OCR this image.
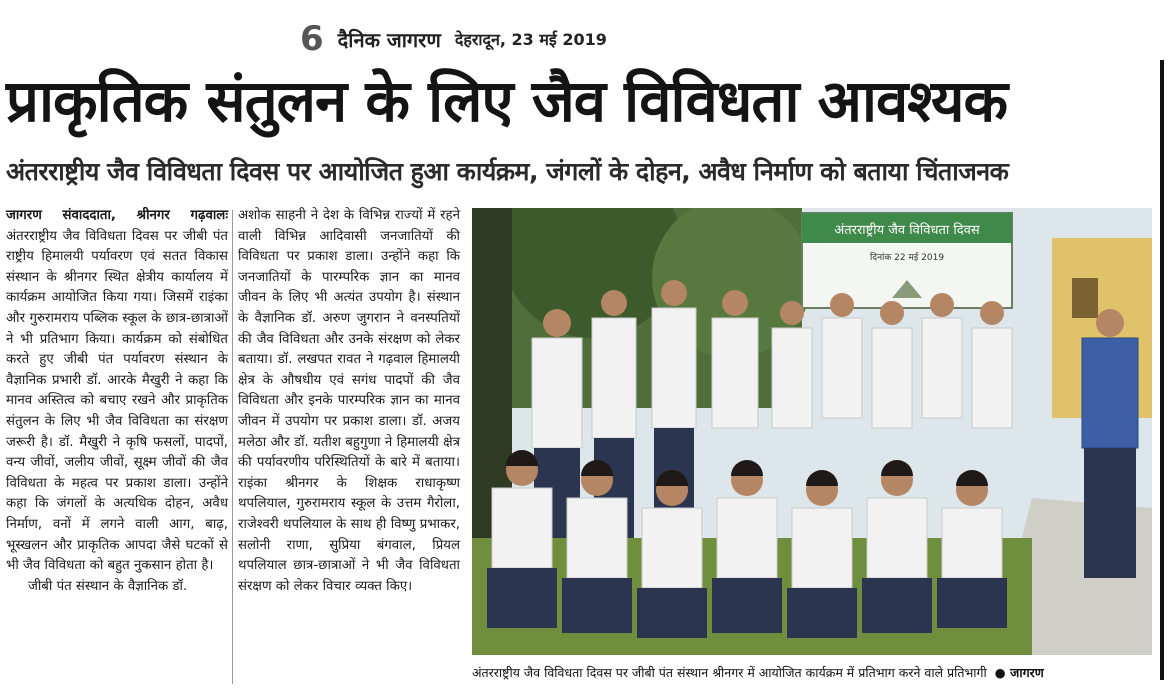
6 दैनिक जागरण देहरादून, 23 मई 2019
प्राकृतिक संतुलन के लिए जैव विविधता आवश्यक
अंतरराष्ट्रीय जैव विविधता दिवस पर आयोजित हुआ कार्यक्रम, जंगलों के दोहन, अवैध निर्माण को बताया चिंताजनक

जागरण संवाददाता, श्रीनगर गढ़वालः अंतरराष्ट्रीय जैव विविधता दिवस पर जीबी पंत राष्ट्रीय हिमालयी पर्यावरण एवं सतत विकास संस्थान के श्रीनगर स्थित क्षेत्रीय कार्यालय में कार्यक्रम आयोजित किया गया। जिसमें राइंका और गुरुरामराय पब्लिक स्कूल के छात्र-छात्राओं ने भी प्रतिभाग किया। कार्यक्रम को संबोधित करते हुए जीबी पंत पर्यावरण संस्थान के वैज्ञानिक प्रभारी डॉ. आरके मैखुरी ने कहा कि मानव अस्तित्व को बचाए रखने और प्राकृतिक संतुलन के लिए भी जैव विविधता का संरक्षण जरूरी है। डॉ. मैखुरी ने कृषि फसलों, पादपों, वन्य जीवों, जलीय जीवों, सूक्ष्म जीवों की जैव विविधता के महत्व पर प्रकाश डाला। उन्होंने कहा कि जंगलों के अत्यधिक दोहन, अवैध निर्माण, वनों में लगने वाली आग, बाढ़, भूस्खलन और प्राकृतिक आपदा जैसे घटकों से भी जैव विविधता को बहुत नुकसान होता है।

जीबी पंत संस्थान के वैज्ञानिक डॉ.

अशोक साहनी ने देश के विभिन्न राज्यों में रहने वाली विभिन्न आदिवासी जनजातियों की विविधता पर प्रकाश डाला। उन्होंने कहा कि जनजातियों के पारम्परिक ज्ञान का मानव जीवन के लिए भी अत्यंत उपयोग है। संस्थान के वैज्ञानिक डॉ. अरुण जुगरान ने वनस्पतियों की जैव विविधता और उनके संरक्षण को लेकर बताया। डॉ. लखपत रावत ने गढ़वाल हिमालयी क्षेत्र के औषधीय एवं सगंध पादपों की जैव विविधता और इनके पारम्परिक ज्ञान का मानव जीवन में उपयोग पर प्रकाश डाला। डॉ. अजय मलेठा और डॉ. यतीश बहुगुणा ने हिमालयी क्षेत्र की पर्यावरणीय परिस्थितियों के बारे में बताया। राइंका श्रीनगर के शिक्षक राधाकृष्ण थपलियाल, गुरुरामराय स्कूल के उत्तम गैरोला, राजेश्वरी थपलियाल के साथ ही विष्णु प्रभाकर, सलोनी राणा, सुप्रिया बंगवाल, प्रियल थपलियाल छात्र-छात्राओं ने भी जैव विविधता संरक्षण को लेकर विचार व्यक्त किए।

अंतरराष्ट्रीय जैव विविधता दिवस
दिनांक 22 मई 2019
अंतरराष्ट्रीय जैव विविधता दिवस पर जीबी पंत संस्थान श्रीनगर में आयोजित कार्यक्रम में प्रतिभाग करने वाले प्रतिभागी ● जागरण
